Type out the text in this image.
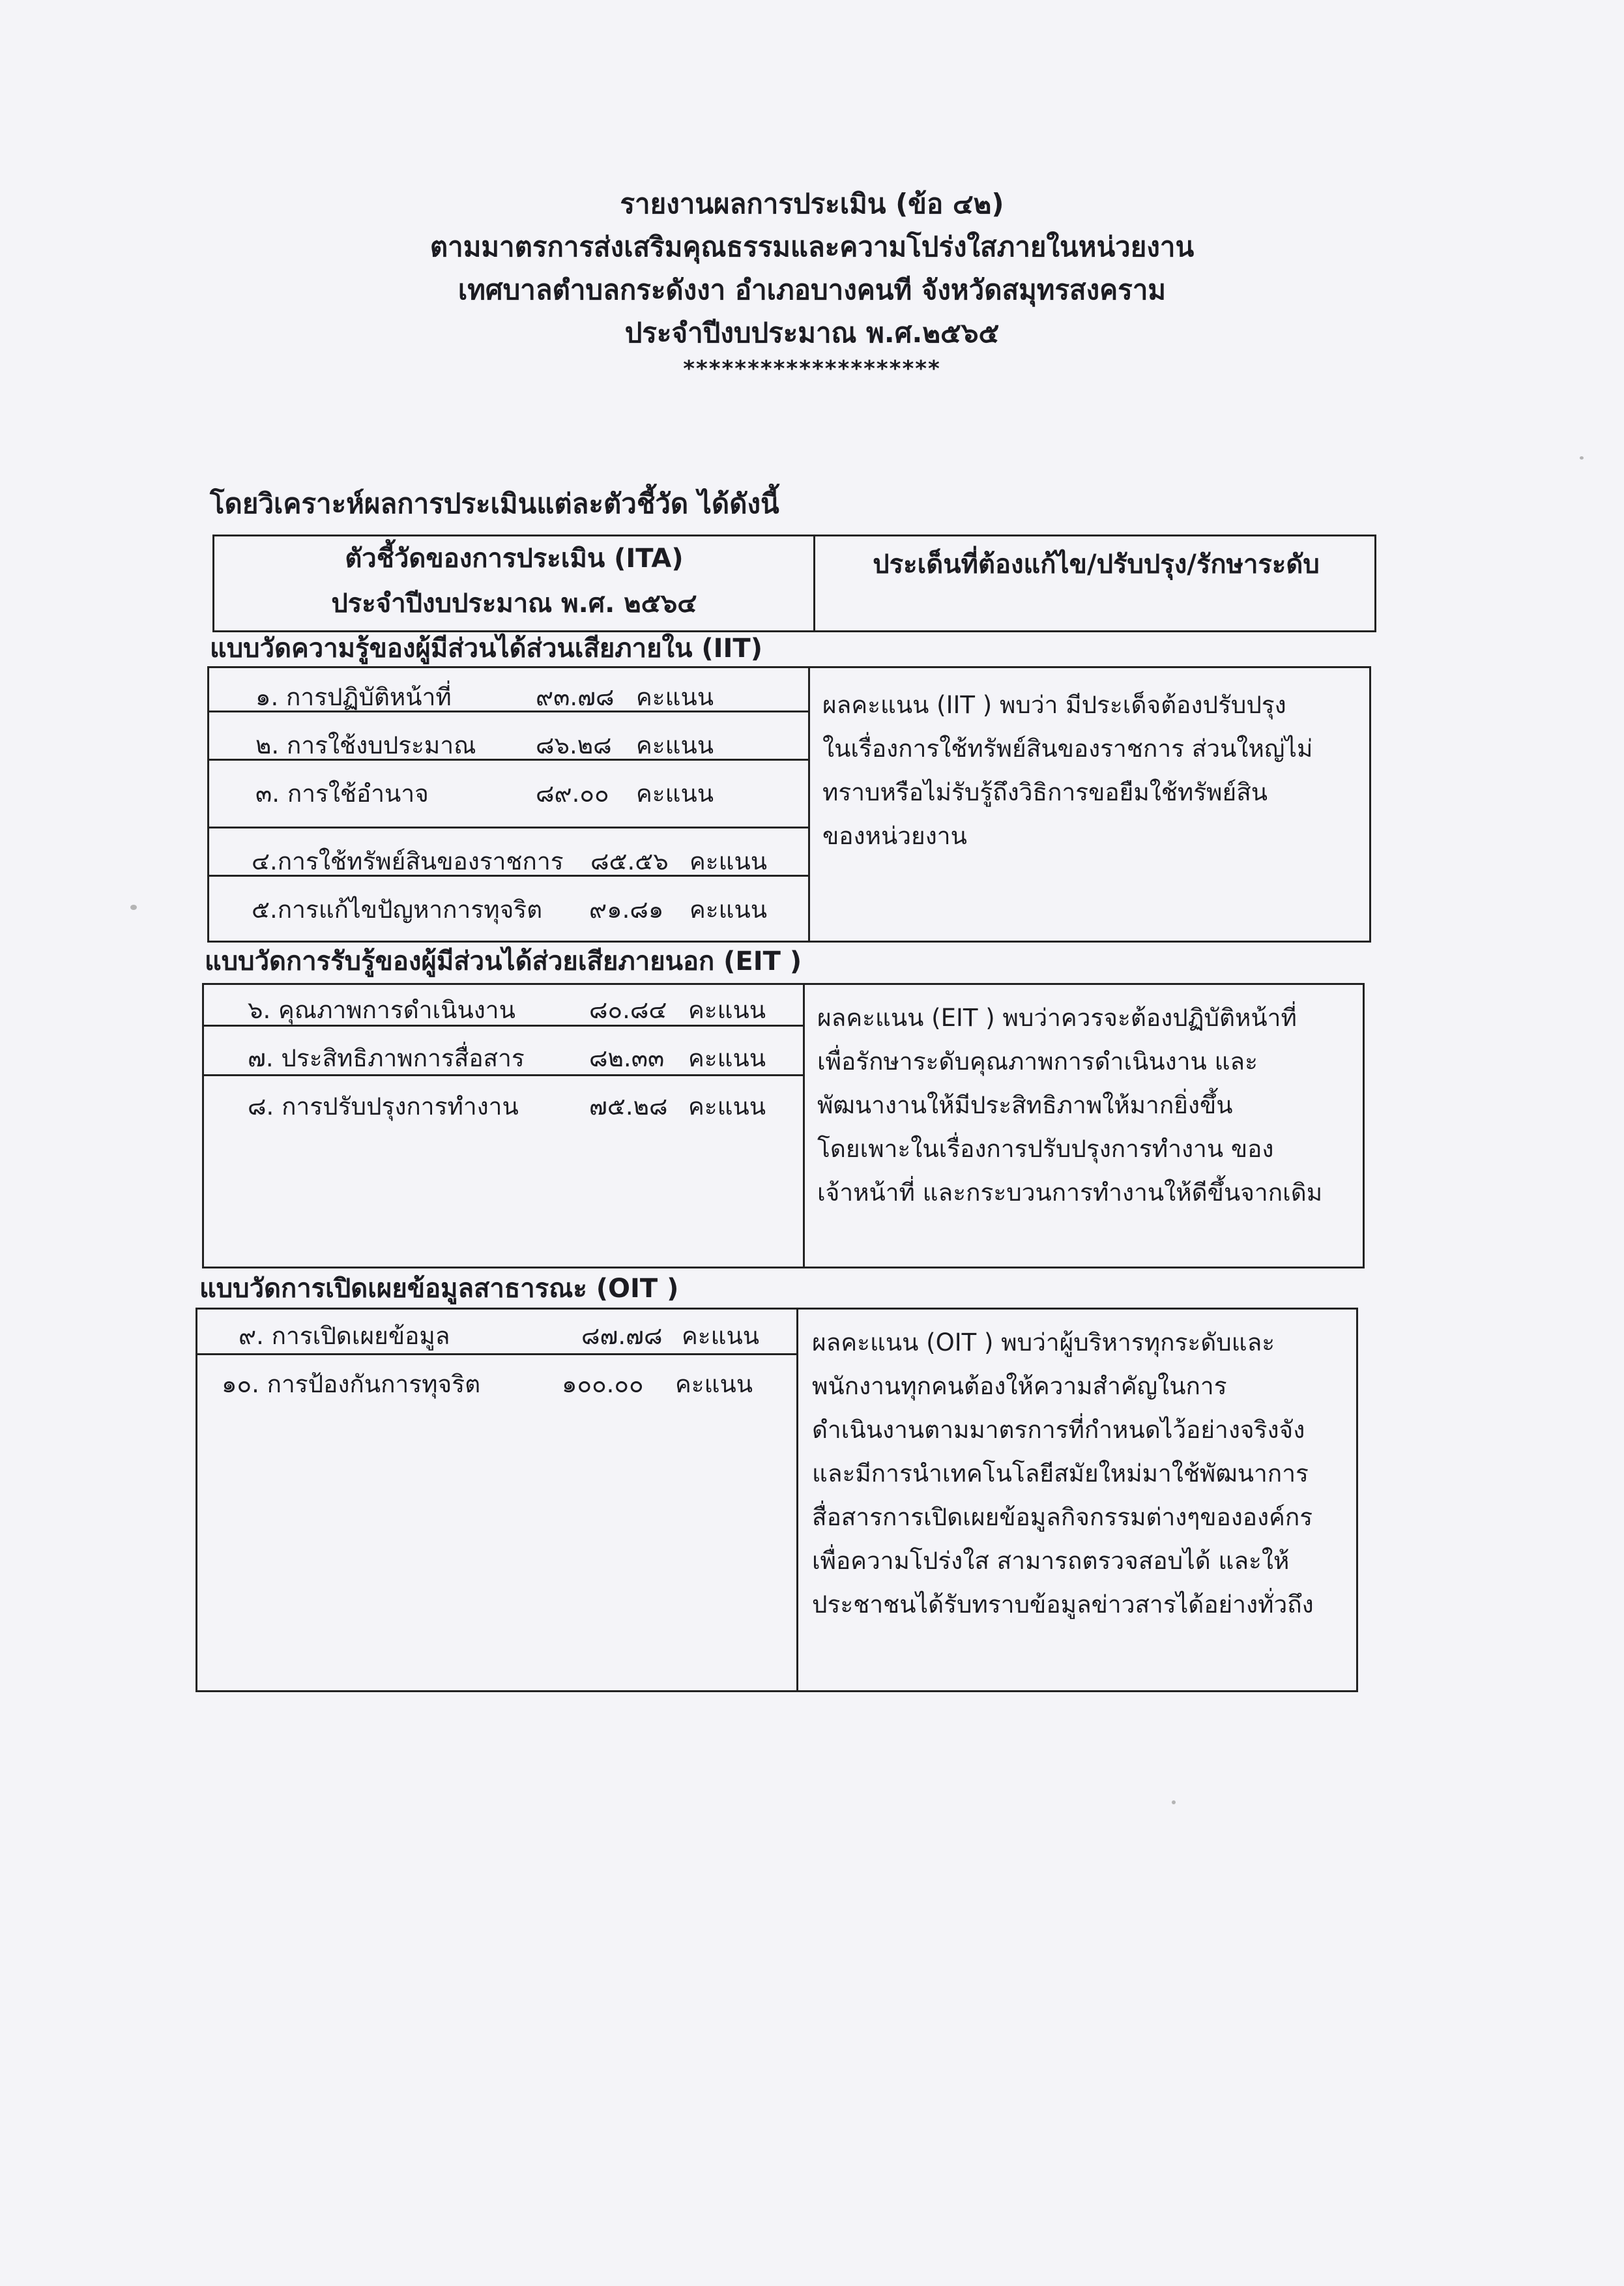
รายงานผลการประเมิน (ข้อ ๔๒)
ตามมาตรการส่งเสริมคุณธรรมและความโปร่งใสภายในหน่วยงาน
เทศบาลตำบลกระดังงา อำเภอบางคนที จังหวัดสมุทรสงคราม
ประจำปีงบประมาณ พ.ศ.๒๕๖๕
********************
โดยวิเคราะห์ผลการประเมินแต่ละตัวชี้วัด ได้ดังนี้
ตัวชี้วัดของการประเมิน (ITA)
ประจำปีงบประมาณ พ.ศ. ๒๕๖๔
ประเด็นที่ต้องแก้ไข/ปรับปรุง/รักษาระดับ
แบบวัดความรู้ของผู้มีส่วนได้ส่วนเสียภายใน (IIT)
๑. การปฏิบัติหน้าที่	๙๓.๗๘ คะแนน
๒. การใช้งบประมาณ ๘๖.๒๘ คะแนน
๓. การใช้อำนาจ	๘๙.๐๐ คะแนน
๔.การใช้ทรัพย์สินของราชการ ๘๕.๕๖ คะแนน
๕.การแก้ไขปัญหาการทุจริต ๙๑.๘๑ คะแนน
ผลคะแนน (IIT ) พบว่า มีประเด็จต้องปรับปรุง
ในเรื่องการใช้ทรัพย์สินของราชการ ส่วนใหญ่ไม่
ทราบหรือไม่รับรู้ถึงวิธิการขอยืมใช้ทรัพย์สิน
ของหน่วยงาน
แบบวัดการรับรู้ของผู้มีส่วนได้ส่วยเสียภายนอก (EIT )
๖. คุณภาพการดำเนินงาน	๘๐.๘๔ คะแนน
๗. ประสิทธิภาพการสื่อสาร	๘๒.๓๓ คะแนน
๘. การปรับปรุงการทำงาน	๗๕.๒๘ คะแนน
ผลคะแนน (EIT ) พบว่าควรจะต้องปฏิบัติหน้าที่
เพื่อรักษาระดับคุณภาพการดำเนินงาน และ
พัฒนางานให้มีประสิทธิภาพให้มากยิ่งขึ้น
โดยเพาะในเรื่องการปรับปรุงการทำงาน ของ
เจ้าหน้าที่ และกระบวนการทำงานให้ดีขึ้นจากเดิม
แบบวัดการเปิดเผยข้อมูลสาธารณะ (OIT )
๙. การเปิดเผยข้อมูล	๘๗.๗๘ คะแนน
๑๐. การป้องกันการทุจริต	๑๐๐.๐๐ คะแนน
ผลคะแนน (OIT ) พบว่าผู้บริหารทุกระดับและ
พนักงานทุกคนต้องให้ความสำคัญในการ
ดำเนินงานตามมาตรการที่กำหนดไว้อย่างจริงจัง
และมีการนำเทคโนโลยีสมัยใหม่มาใช้พัฒนาการ
สื่อสารการเปิดเผยข้อมูลกิจกรรมต่างๆขององค์กร
เพื่อความโปร่งใส สามารถตรวจสอบได้ และให้
ประชาชนได้รับทราบข้อมูลข่าวสารได้อย่างทั่วถึง
